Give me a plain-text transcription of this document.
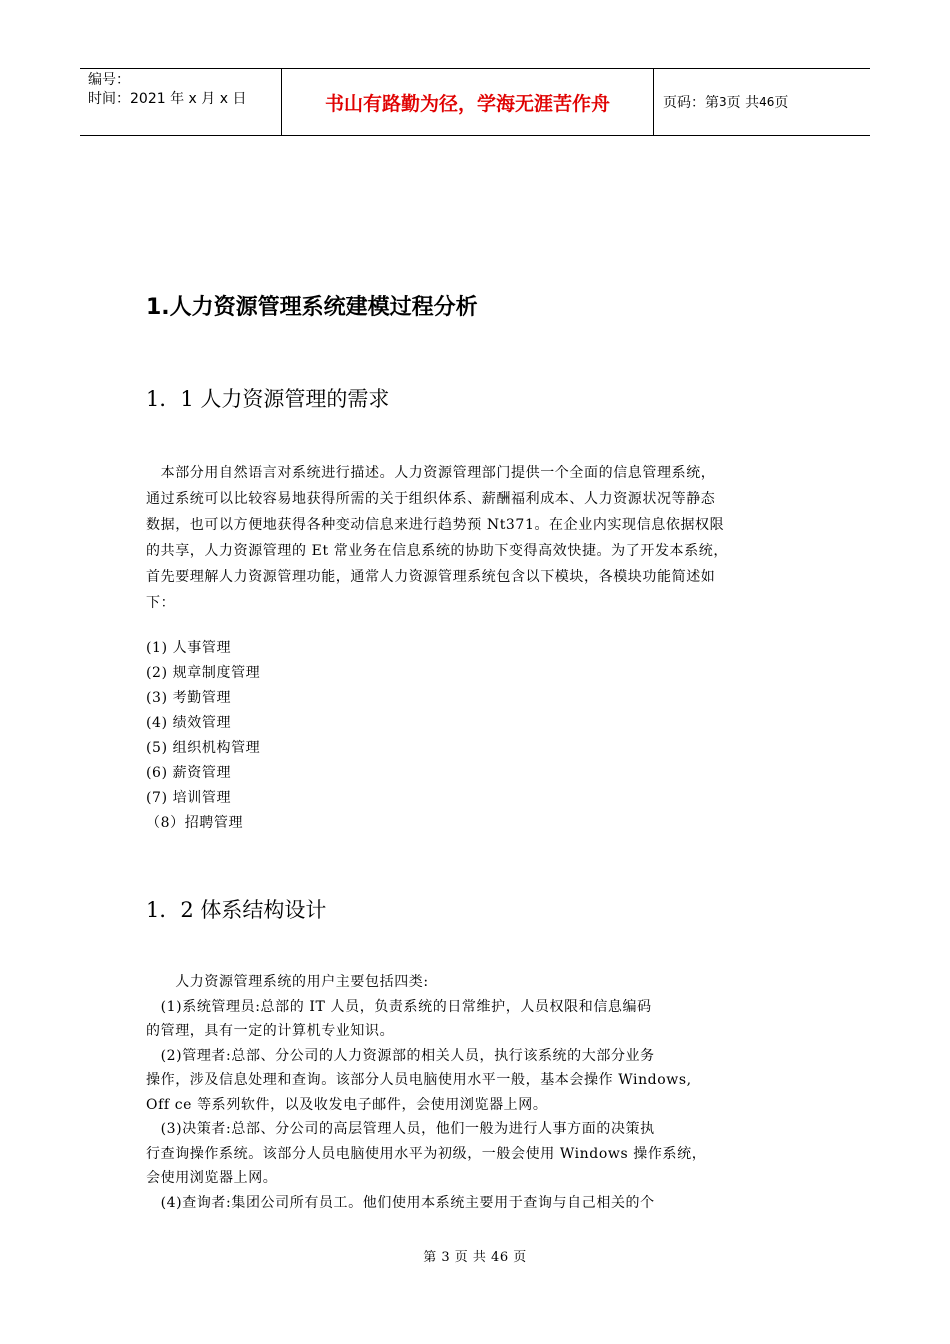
编号：
时间：2021 年 x 月 x 日	书山有路勤为径，学海无涯苦作舟	页码：第 3 页 共 46 页
1.人力资源管理系统建模过程分析
1．1 人力资源管理的需求

　本部分用自然语言对系统进行描述。人力资源管理部门提供一个全面的信息管理系统，

通过系统可以比较容易地获得所需的关于组织体系、薪酬福利成本、人力资源状况等静态

数据，也可以方便地获得各种变动信息来进行趋势预 Nt371。在企业内实现信息依据权限

的共享，人力资源管理的 Et 常业务在信息系统的协助下变得高效快捷。为了开发本系统，

首先要理解人力资源管理功能，通常人力资源管理系统包含以下模块，各模块功能简述如

下：

(1) 人事管理
(2) 规章制度管理
(3) 考勤管理
(4) 绩效管理
(5) 组织机构管理
(6) 薪资管理
(7) 培训管理
（8）招聘管理
1．2 体系结构设计
　　人力资源管理系统的用户主要包括四类:
　(1)系统管理员:总部的 IT 人员，负责系统的日常维护，人员权限和信息编码
的管理，具有一定的计算机专业知识。
　(2)管理者:总部、分公司的人力资源部的相关人员，执行该系统的大部分业务
操作，涉及信息处理和查询。该部分人员电脑使用水平一般，基本会操作 Windows,
Off ce 等系列软件，以及收发电子邮件，会使用浏览器上网。
　(3)决策者:总部、分公司的高层管理人员，他们一般为进行人事方面的决策执
行查询操作系统。该部分人员电脑使用水平为初级，一般会使用 Windows 操作系统，
会使用浏览器上网。
　(4)查询者:集团公司所有员工。他们使用本系统主要用于查询与自己相关的个
第 3 页 共 46 页
